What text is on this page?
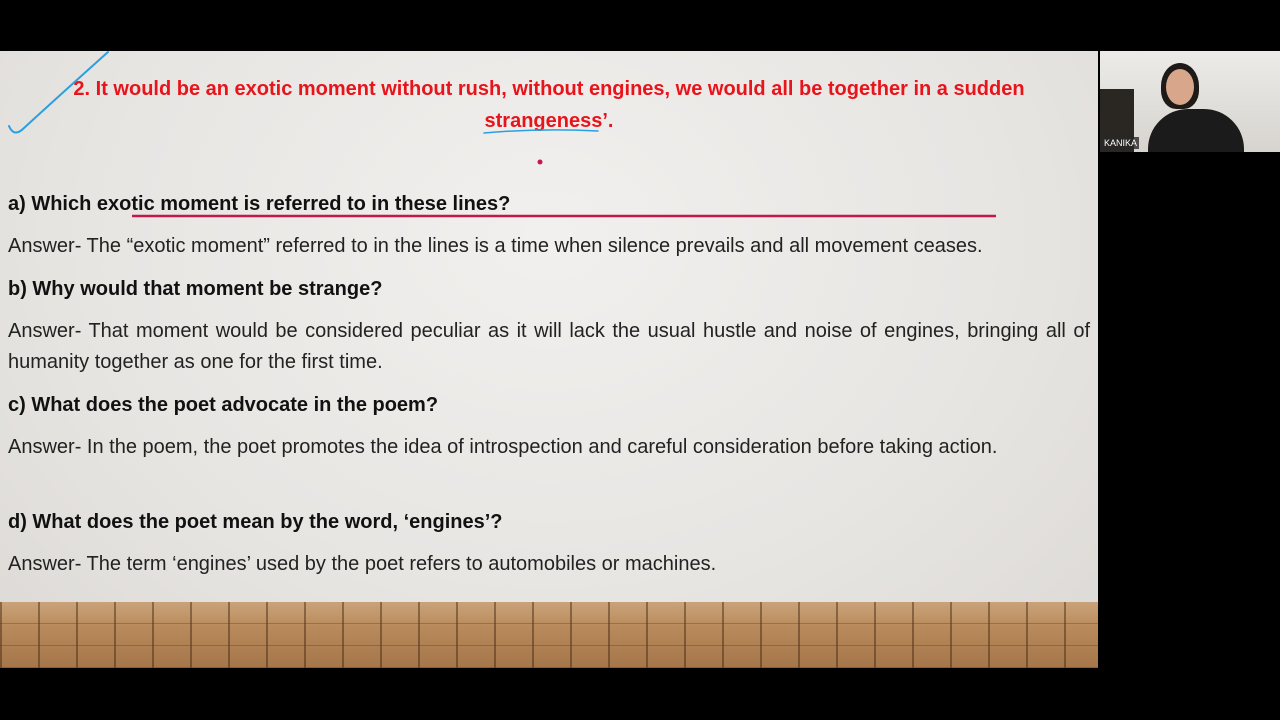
2. It would be an exotic moment without rush, without engines, we would all be together in a sudden strangeness’.
a) Which exotic moment is referred to in these lines?
Answer- The “exotic moment” referred to in the lines is a time when silence prevails and all movement ceases.
b) Why would that moment be strange?
Answer- That moment would be considered peculiar as it will lack the usual hustle and noise of engines, bringing all of humanity together as one for the first time.
c) What does the poet advocate in the poem?
Answer- In the poem, the poet promotes the idea of introspection and careful consideration before taking action.
d) What does the poet mean by the word, ‘engines’?
Answer- The term ‘engines’ used by the poet refers to automobiles or machines.
KANIKA
